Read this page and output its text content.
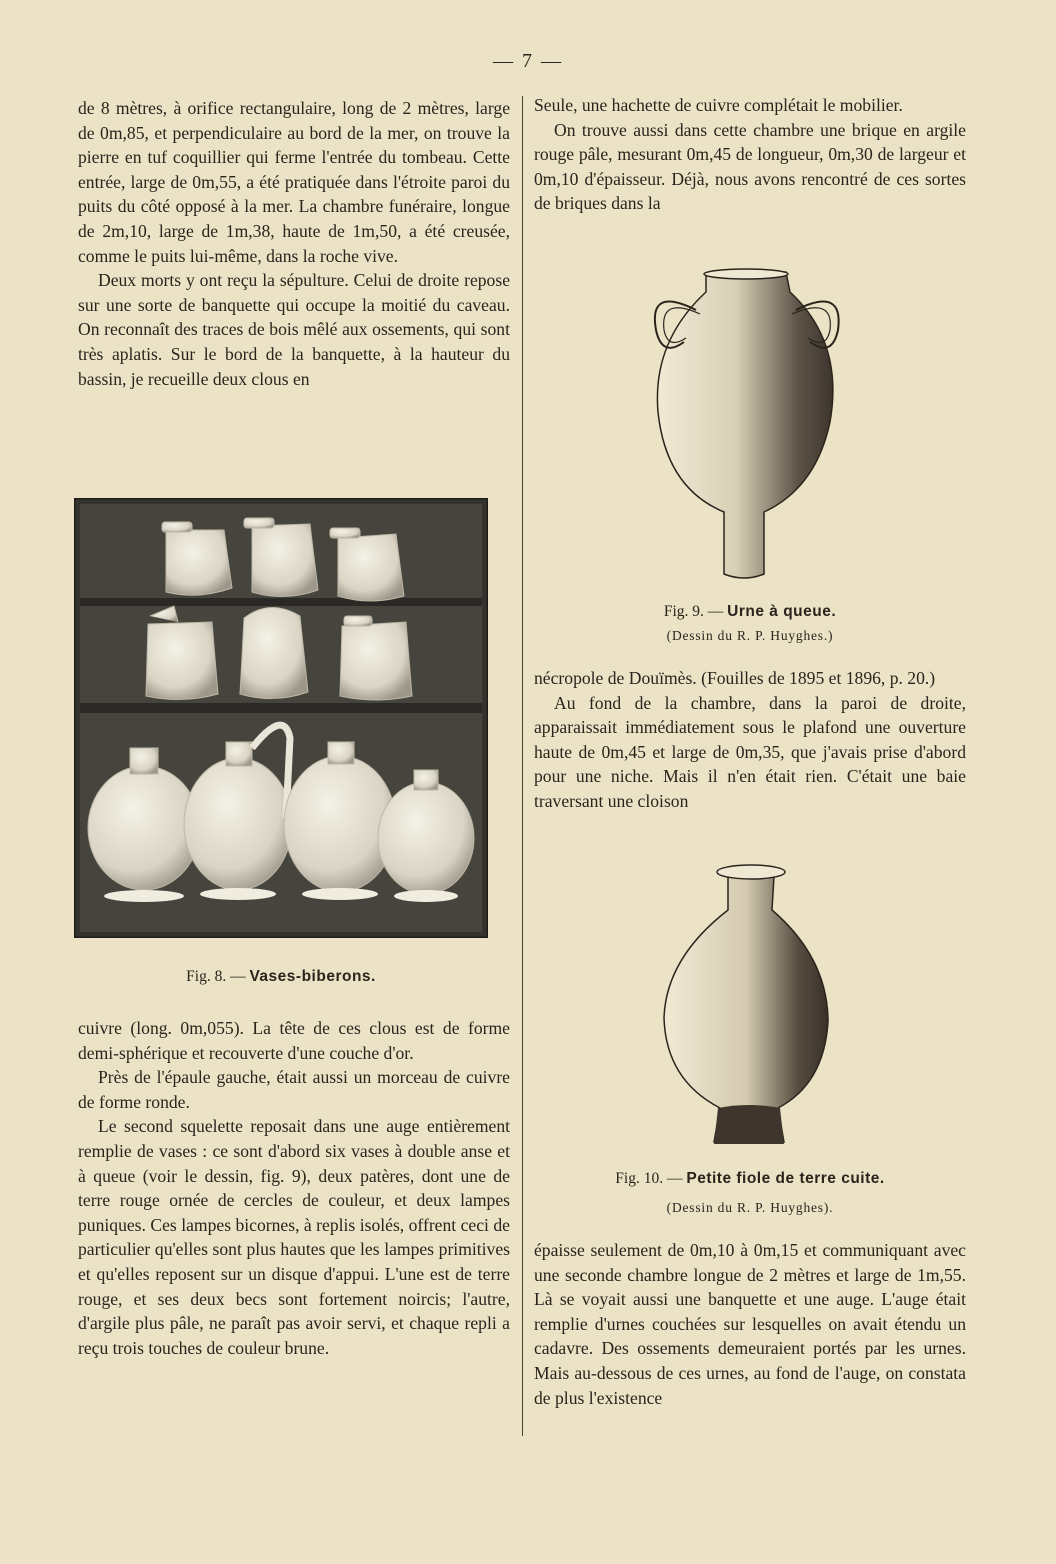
— 7 —

de 8 mètres, à orifice rectangulaire, long de 2 mètres, large de 0m,85, et perpendiculaire au bord de la mer, on trouve la pierre en tuf coquillier qui ferme l'entrée du tombeau. Cette entrée, large de 0m,55, a été pratiquée dans l'étroite paroi du puits du côté opposé à la mer. La chambre funéraire, longue de 2m,10, large de 1m,38, haute de 1m,50, a été creusée, comme le puits lui-même, dans la roche vive.

Deux morts y ont reçu la sépulture. Celui de droite repose sur une sorte de banquette qui occupe la moitié du caveau. On reconnaît des traces de bois mêlé aux ossements, qui sont très aplatis. Sur le bord de la banquette, à la hauteur du bassin, je recueille deux clous en

Fig. 8. — Vases-biberons.

cuivre (long. 0m,055). La tête de ces clous est de forme demi-sphérique et recouverte d'une couche d'or.

Près de l'épaule gauche, était aussi un morceau de cuivre de forme ronde.

Le second squelette reposait dans une auge entièrement remplie de vases : ce sont d'abord six vases à double anse et à queue (voir le dessin, fig. 9), deux patères, dont une de terre rouge ornée de cercles de couleur, et deux lampes puniques. Ces lampes bicornes, à replis isolés, offrent ceci de particulier qu'elles sont plus hautes que les lampes primitives et qu'elles reposent sur un disque d'appui. L'une est de terre rouge, et ses deux becs sont fortement noircis; l'autre, d'argile plus pâle, ne paraît pas avoir servi, et chaque repli a reçu trois touches de couleur brune.

Seule, une hachette de cuivre complétait le mobilier.

On trouve aussi dans cette chambre une brique en argile rouge pâle, mesurant 0m,45 de longueur, 0m,30 de largeur et 0m,10 d'épaisseur. Déjà, nous avons rencontré de ces sortes de briques dans la

Fig. 9. — Urne à queue.
(Dessin du R. P. Huyghes.)

nécropole de Douïmès. (Fouilles de 1895 et 1896, p. 20.)

Au fond de la chambre, dans la paroi de droite, apparaissait immédiatement sous le plafond une ouverture haute de 0m,45 et large de 0m,35, que j'avais prise d'abord pour une niche. Mais il n'en était rien. C'était une baie traversant une cloison

Fig. 10. — Petite fiole de terre cuite.
(Dessin du R. P. Huyghes).

épaisse seulement de 0m,10 à 0m,15 et communiquant avec une seconde chambre longue de 2 mètres et large de 1m,55. Là se voyait aussi une banquette et une auge. L'auge était remplie d'urnes couchées sur lesquelles on avait étendu un cadavre. Des ossements demeuraient portés par les urnes. Mais au-dessous de ces urnes, au fond de l'auge, on constata de plus l'existence
